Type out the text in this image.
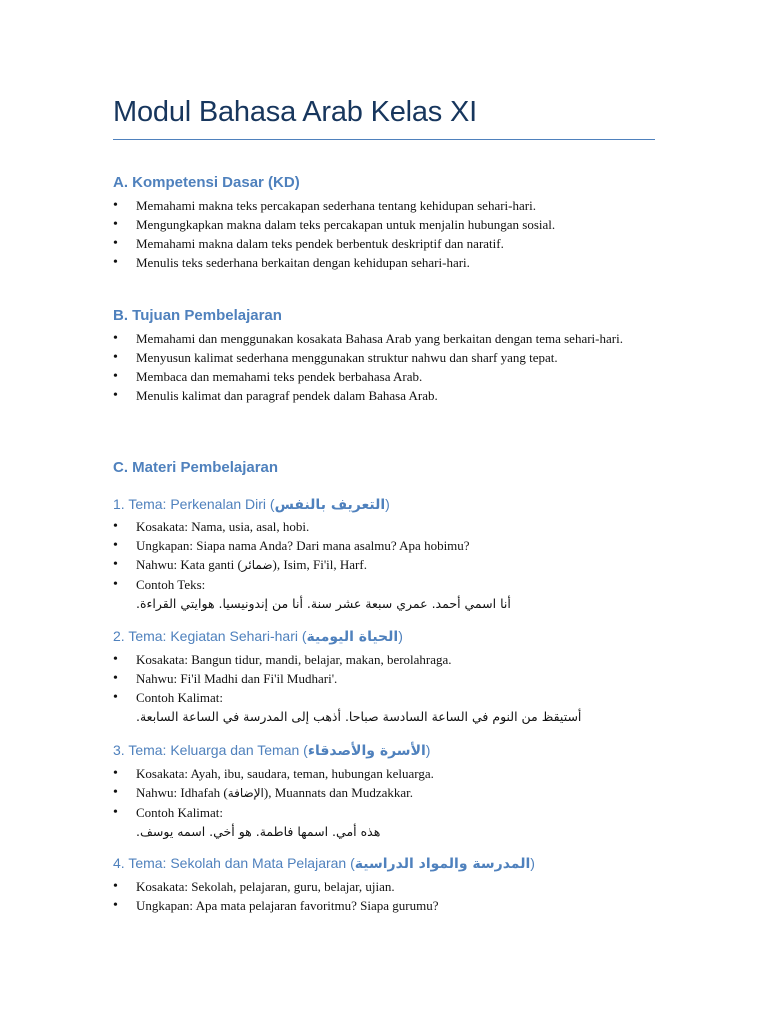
Modul Bahasa Arab Kelas XI
A. Kompetensi Dasar (KD)
• Memahami makna teks percakapan sederhana tentang kehidupan sehari-hari.
• Mengungkapkan makna dalam teks percakapan untuk menjalin hubungan sosial.
• Memahami makna dalam teks pendek berbentuk deskriptif dan naratif.
• Menulis teks sederhana berkaitan dengan kehidupan sehari-hari.
B. Tujuan Pembelajaran
• Memahami dan menggunakan kosakata Bahasa Arab yang berkaitan dengan tema sehari-hari.
• Menyusun kalimat sederhana menggunakan struktur nahwu dan sharf yang tepat.
• Membaca dan memahami teks pendek berbahasa Arab.
• Menulis kalimat dan paragraf pendek dalam Bahasa Arab.
C. Materi Pembelajaran
1. Tema: Perkenalan Diri (التعريف بالنفس)
• Kosakata: Nama, usia, asal, hobi.
• Ungkapan: Siapa nama Anda? Dari mana asalmu? Apa hobimu?
• Nahwu: Kata ganti (ضمائر), Isim, Fi'il, Harf.
• Contoh Teks:
أنا اسمي أحمد. عمري سبعة عشر سنة. أنا من إندونيسيا. هوايتي القراءة.
2. Tema: Kegiatan Sehari-hari (الحياة اليومية)
• Kosakata: Bangun tidur, mandi, belajar, makan, berolahraga.
• Nahwu: Fi'il Madhi dan Fi'il Mudhari'.
• Contoh Kalimat:
أستيقظ من النوم في الساعة السادسة صباحا. أذهب إلى المدرسة في الساعة السابعة.
3. Tema: Keluarga dan Teman (الأسرة والأصدقاء)
• Kosakata: Ayah, ibu, saudara, teman, hubungan keluarga.
• Nahwu: Idhafah (الإضافة), Muannats dan Mudzakkar.
• Contoh Kalimat:
هذه أمي. اسمها فاطمة. هو أخي. اسمه يوسف.
4. Tema: Sekolah dan Mata Pelajaran (المدرسة والمواد الدراسية)
• Kosakata: Sekolah, pelajaran, guru, belajar, ujian.
• Ungkapan: Apa mata pelajaran favoritmu? Siapa gurumu?
